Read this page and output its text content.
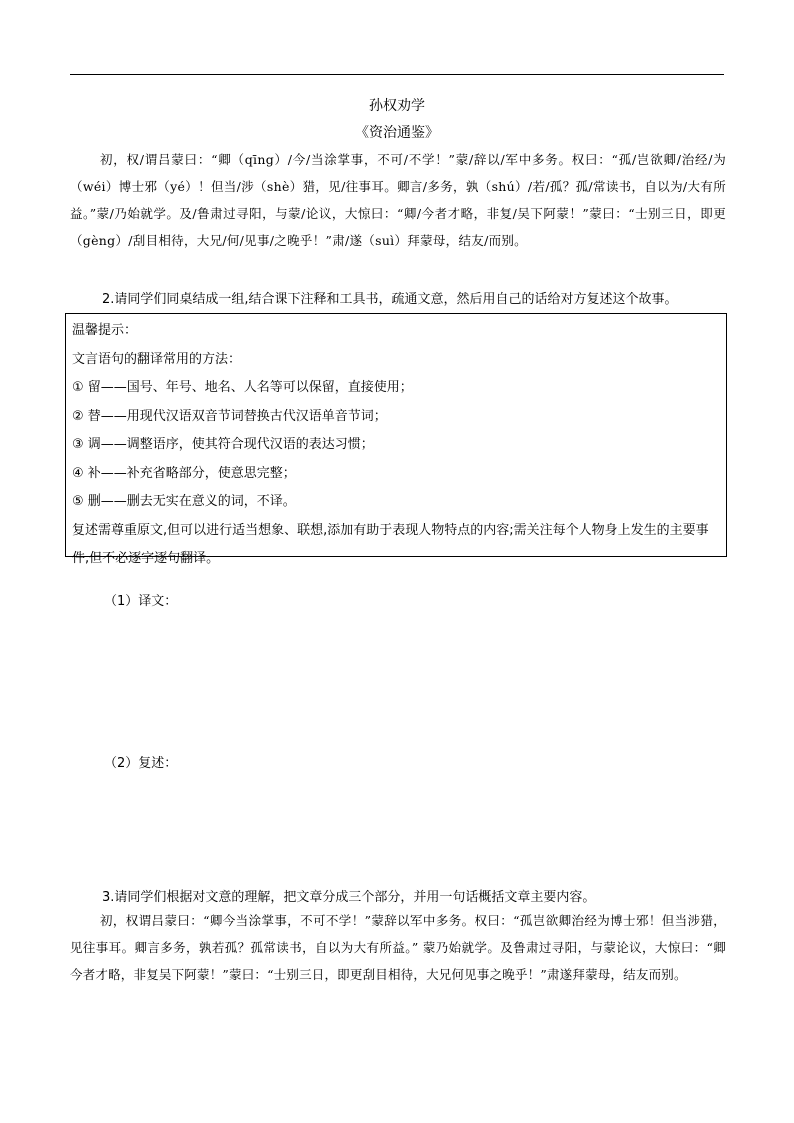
孙权劝学
《资治通鉴》
初，权/谓吕蒙曰：“卿（qīng）/今/当涂掌事，不可/不学！”蒙/辞以/军中多务。权曰：“孤/岂欲卿/治经/为（wéi）博士邪（yé）！但当/涉（shè）猎，见/往事耳。卿言/多务，孰（shú）/若/孤？孤/常读书，自以为/大有所益。”蒙/乃始就学。及/鲁肃过寻阳，与蒙/论议，大惊曰：“卿/今者才略，非复/吴下阿蒙！”蒙曰：“士别三日，即更（gèng）/刮目相待，大兄/何/见事/之晚乎！”肃/遂（suì）拜蒙母，结友/而别。
2.请同学们同桌结成一组,结合课下注释和工具书，疏通文意，然后用自己的话给对方复述这个故事。
温馨提示：
文言语句的翻译常用的方法：
① 留——国号、年号、地名、人名等可以保留，直接使用；
② 替——用现代汉语双音节词替换古代汉语单音节词；
③ 调——调整语序，使其符合现代汉语的表达习惯；
④ 补——补充省略部分，使意思完整；
⑤ 删——删去无实在意义的词，不译。
复述需尊重原文,但可以进行适当想象、联想,添加有助于表现人物特点的内容;需关注每个人物身上发生的主要事件,但不必逐字逐句翻译。
（1）译文：
（2）复述：
3.请同学们根据对文意的理解，把文章分成三个部分，并用一句话概括文章主要内容。
初，权谓吕蒙曰：“卿今当涂掌事，不可不学！”蒙辞以军中多务。权曰：“孤岂欲卿治经为博士邪！但当涉猎，见往事耳。卿言多务，孰若孤？孤常读书，自以为大有所益。” 蒙乃始就学。及鲁肃过寻阳，与蒙论议，大惊曰：“卿今者才略，非复吴下阿蒙！”蒙曰：“士别三日，即更刮目相待，大兄何见事之晚乎！”肃遂拜蒙母，结友而别。
